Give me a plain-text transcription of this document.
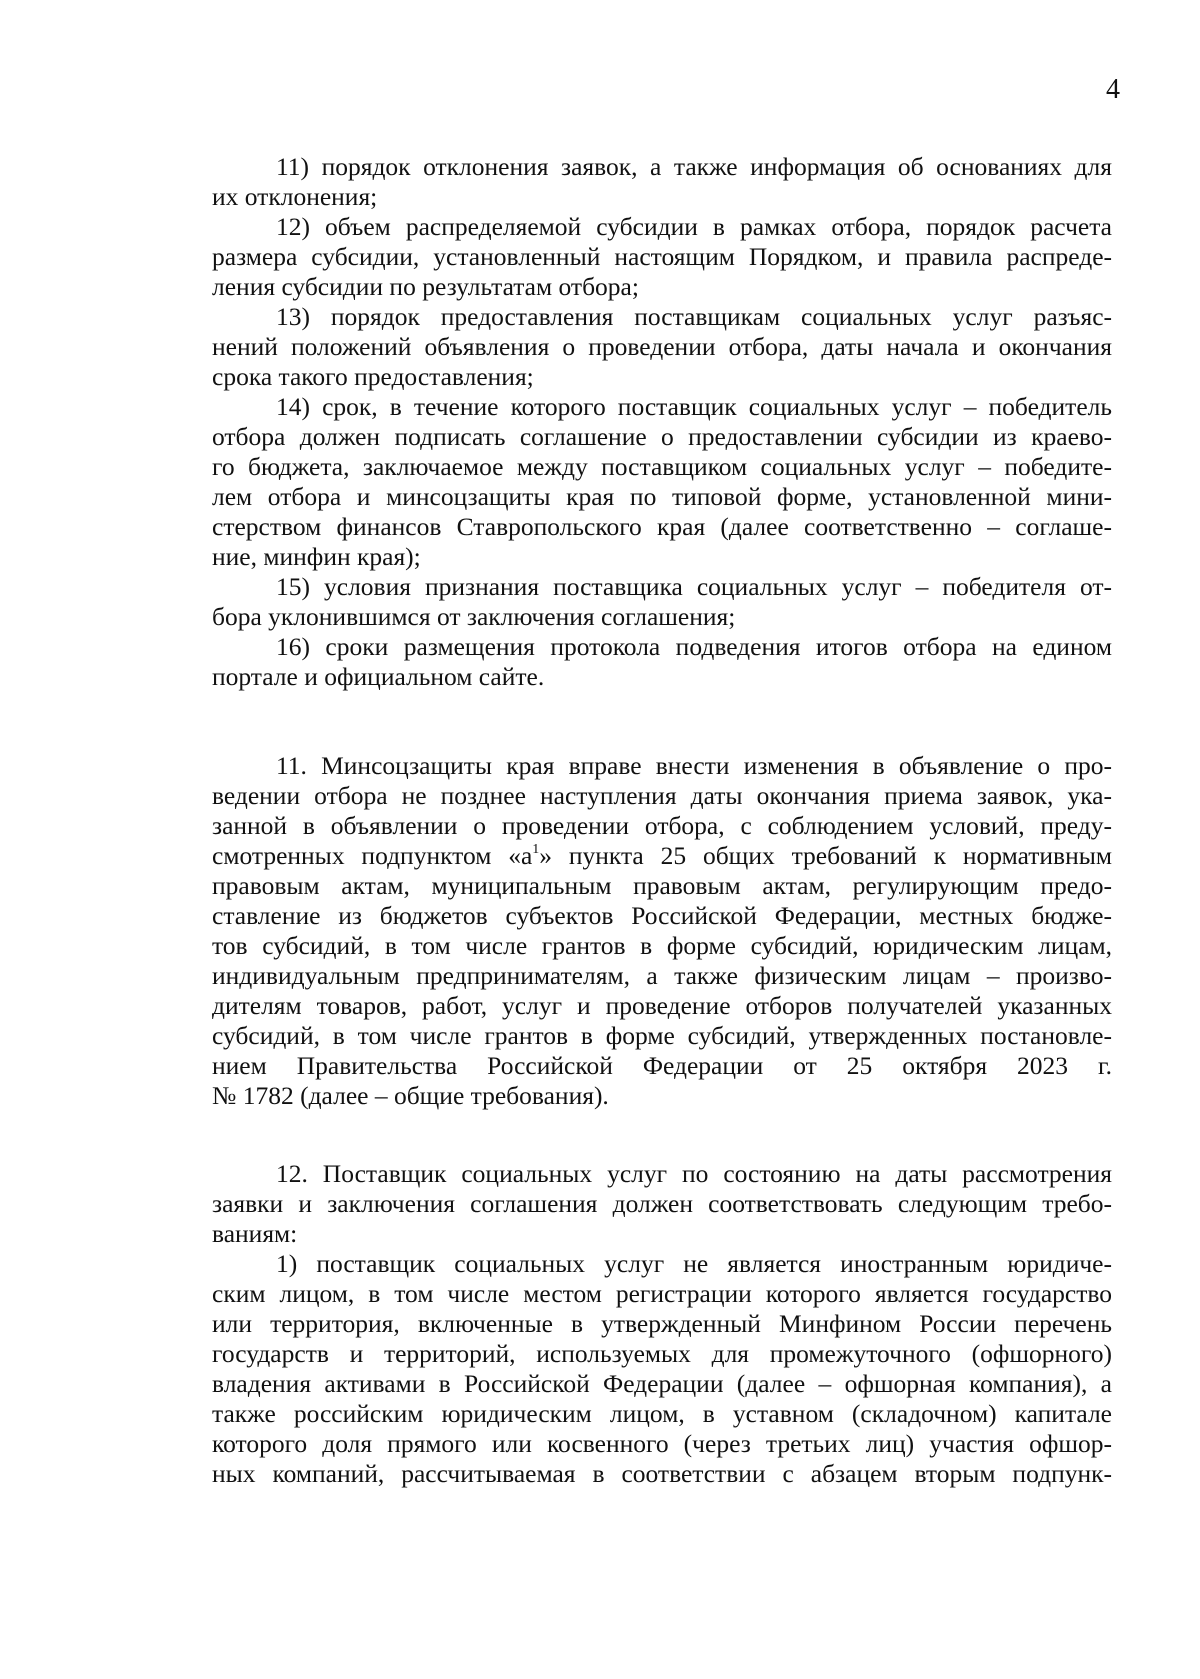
4

11) порядок отклонения заявок, а также информация об основаниях для
их отклонения;

12) объем распределяемой субсидии в рамках отбора, порядок расчета
размера субсидии, установленный настоящим Порядком, и правила распреде-
ления субсидии по результатам отбора;

13) порядок предоставления поставщикам социальных услуг разъяс-
нений положений объявления о проведении отбора, даты начала и окончания
срока такого предоставления;

14) срок, в течение которого поставщик социальных услуг – победитель
отбора должен подписать соглашение о предоставлении субсидии из краево-
го бюджета, заключаемое между поставщиком социальных услуг – победите-
лем отбора и минсоцзащиты края по типовой форме, установленной мини-
стерством финансов Ставропольского края (далее соответственно – соглаше-
ние, минфин края);

15) условия признания поставщика социальных услуг – победителя от-
бора уклонившимся от заключения соглашения;

16) сроки размещения протокола подведения итогов отбора на едином
портале и официальном сайте.

11. Минсоцзащиты края вправе внести изменения в объявление о про-
ведении отбора не позднее наступления даты окончания приема заявок, ука-
занной в объявлении о проведении отбора, с соблюдением условий, преду-
смотренных подпунктом «$а^1$» пункта 25 общих требований к нормативным
правовым актам, муниципальным правовым актам, регулирующим предо-
ставление из бюджетов субъектов Российской Федерации, местных бюдже-
тов субсидий, в том числе грантов в форме субсидий, юридическим лицам,
индивидуальным предпринимателям, а также физическим лицам – произво-
дителям товаров, работ, услуг и проведение отборов получателей указанных
субсидий, в том числе грантов в форме субсидий, утвержденных постановле-
нием Правительства Российской Федерации от 25 октября 2023 г.
№ 1782 (далее – общие требования).

12. Поставщик социальных услуг по состоянию на даты рассмотрения
заявки и заключения соглашения должен соответствовать следующим требо-
ваниям:

1) поставщик социальных услуг не является иностранным юридиче-
ским лицом, в том числе местом регистрации которого является государство
или территория, включенные в утвержденный Минфином России перечень
государств и территорий, используемых для промежуточного (офшорного)
владения активами в Российской Федерации (далее – офшорная компания), а
также российским юридическим лицом, в уставном (складочном) капитале
которого доля прямого или косвенного (через третьих лиц) участия офшор-
ных компаний, рассчитываемая в соответствии с абзацем вторым подпунк-
